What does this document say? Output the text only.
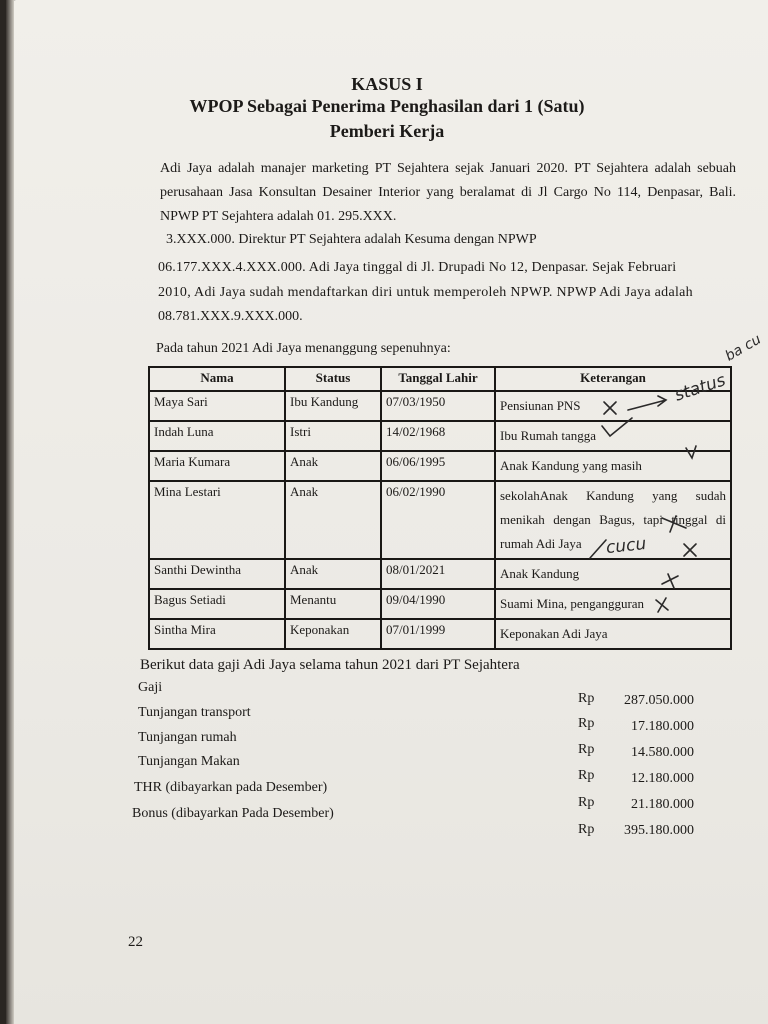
KASUS I
WPOP Sebagai Penerima Penghasilan dari 1 (Satu)
Pemberi Kerja
Adi Jaya adalah manajer marketing PT Sejahtera sejak Januari 2020. PT Sejahtera adalah sebuah perusahaan Jasa Konsultan Desainer Interior yang beralamat di Jl Cargo No 114, Denpasar, Bali. NPWP PT Sejahtera adalah 01. 295.XXX.
3.XXX.000. Direktur PT Sejahtera adalah Kesuma dengan NPWP
06.177.XXX.4.XXX.000. Adi Jaya tinggal di Jl. Drupadi No 12, Denpasar. Sejak Februari
2010, Adi Jaya sudah mendaftarkan diri untuk memperoleh NPWP. NPWP Adi Jaya adalah
08.781.XXX.9.XXX.000.
Pada tahun 2021 Adi Jaya menanggung sepenuhnya:
Nama	Status	Tanggal Lahir	Keterangan
Maya Sari	Ibu Kandung	07/03/1950	Pensiunan PNS
Indah Luna	Istri	14/02/1968	Ibu Rumah tangga
Maria Kumara	Anak	06/06/1995	Anak Kandung yang masih
Mina Lestari	Anak	06/02/1990	sekolahAnak Kandung yang sudah menikah dengan Bagus, tapi tinggal di rumah Adi Jaya
Santhi Dewintha	Anak	08/01/2021	Anak Kandung
Bagus Setiadi	Menantu	09/04/1990	Suami Mina, pengangguran
Sintha Mira	Keponakan	07/01/1999	Keponakan Adi Jaya
status
ba cu
cucu
Berikut data gaji Adi Jaya selama tahun 2021 dari PT Sejahtera
Gaji
Rp	287.050.000
Tunjangan transport
Rp	17.180.000
Tunjangan rumah
Rp	14.580.000
Tunjangan Makan
Rp	12.180.000
THR (dibayarkan pada Desember)
Rp	21.180.000
Bonus (dibayarkan Pada Desember)
Rp	395.180.000
22
